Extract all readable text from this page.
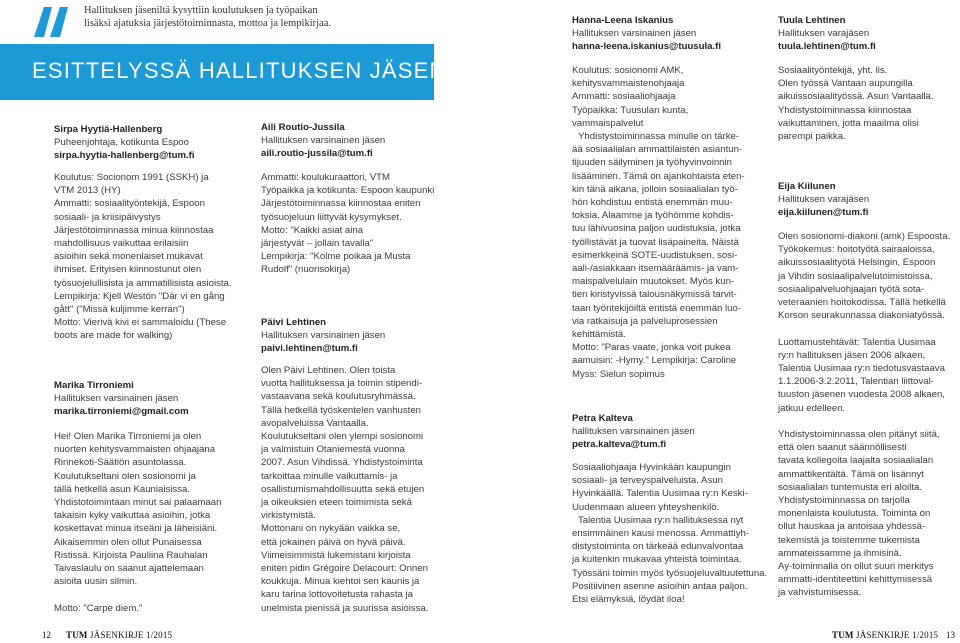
Hallituksen jäseniltä kysyttiin koulutuksen ja työpaikan
lisäksi ajatuksia järjestötoiminnasta, mottoa ja lempikirjaa.
ESITTELYSSÄ HALLITUKSEN JÄSENIÄ
Sirpa Hyytiä-Hallenberg
Puheenjohtaja, kotikunta Espoo
sirpa.hyytia-hallenberg@tum.fi
Koulutus: Socionom 1991 (SSKH) ja
VTM 2013 (HY)
Ammatti: sosiaalityöntekijä, Espoon
sosiaali- ja kriisipäivystys
Järjestötoiminnassa minua kiinnostaa
mahdollisuus vaikuttaa erilaisiin
asioihin sekä monenlaiset mukavat
ihmiset. Erityisen kiinnostunut olen
työsuojelullisista ja ammatillisista asioista.
Lempikirja: Kjell Westön "Där vi en gång
gått" ("Missä kuljimme kerran")
Motto: Vierivä kivi ei sammaloidu (These
boots are made for walking)
Marika Tirroniemi
Hallituksen varsinainen jäsen
marika.tirroniemi@gmail.com
Hei! Olen Marika Tirroniemi ja olen
nuorten kehitysvammaisten ohjaajana
Rinnekoti-Säätiön asuntolassa.
Koulutukseltani olen sosionomi ja
tällä hetkellä asun Kauniaisissa.
Yhdistotoimintaan minut sai palaamaan
takaisin kyky vaikuttaa asioihin, jotka
koskettavat minua itseäni ja läheisiäni.
Aikaisemmin olen ollut Punaisessa
Ristissä. Kirjoista Pauliina Rauhalan
Taivaslaulu on saanut ajattelemaan
asioita uusin silmin.
Motto: "Carpe diem."
Aili Routio-Jussila
Hallituksen varsinainen jäsen
aili.routio-jussila@tum.fi
Ammatti: koulukuraattori, VTM
Työpaikka ja kotikunta: Espoon kaupunki
Järjestötoiminnassa kiinnostaa eniten
työsuojeluun liittyvät kysymykset.
Motto: "Kaikki asiat aina
järjestyvät – jollain tavalla"
Lempikirja: "Kolme poikaa ja Musta
Rudolf" (nuorisokirja)
Päivi Lehtinen
Hallituksen varsinainen jäsen
paivi.lehtinen@tum.fi
Olen Päivi Lehtinen. Olen toista
vuotta hallituksessa ja toimin stipendi-
vastaavana sekä koulutusryhmässä.
Tällä hetkellä työskentelen vanhusten
avopalveluissa Vantaalla.
Koulutukseltani olen ylempi sosionomi
ja valmistuin Otaniemestä vuonna
2007. Asun Vihdissä. Yhdistystoiminta
tarkoittaa minulle vaikuttamis- ja
osallistumismahdollisuutta sekä etujen
ja oikeuksien eteen toimimista sekä
virkistymistä.
Mottonani on nykyään vaikka se,
että jokainen päivä on hyvä päivä.
Viimeisimmistä lukemistani kirjoista
eniten pidin Grégoire Delacourt: Onnen
koukkuja. Minua kiehtoi sen kaunis ja
karu tarina lottovoitetusta rahasta ja
unelmista pienissä ja suurissa asioissa.
Hanna-Leena Iskanius
Hallituksen varsinainen jäsen
hanna-leena.iskanius@tuusula.fi
Koulutus: sosionomi AMK,
kehitysvammaistenohjaaja
Ammatti: sosiaaliohjaaja
Työpaikka: Tuusulan kunta,
vammaispalvelut
Yhdistystoiminnassa minulle on tärke-
ää sosiaalialan ammattilaisten asiantun-
tijuuden säilyminen ja työhyvinvoinnin
lisääminen. Tämä on ajankohtaista eten-
kin tänä aikana, jolloin sosiaalialan työ-
hön kohdistuu entistä enemmän muu-
toksia. Alaamme ja työhömme kohdis-
tuu lähivuosina paljon uudistuksia, jotka
työllistävät ja tuovat lisäpaineita. Näistä
esimerkkeinä SOTE-uudistuksen, sosi-
aali-/asiakkaan itsemääräämis- ja vam-
maispalvelulain muutokset. Myös kun-
tien kiristyvissä talousnäkymissä tarvit-
taan työntekijöiltä entistä enemmän luo-
via ratkaisuja ja palveluprosessien
kehittämistä.
Motto: "Paras vaate, jonka voit pukea
aamuisin: -Hymy." Lempikirja: Caroline
Myss: Sielun sopimus
Petra Kalteva
hallituksen varsinainen jäsen
petra.kalteva@tum.fi
Sosiaaliohjaaja Hyvinkään kaupungin
sosiaali- ja terveyspalveluista. Asun
Hyvinkäällä. Talentia Uusimaa ry:n Keski-
Uudenmaan alueen yhteyshenkilö.
Talentia Uusimaa ry:n hallituksessa nyt
ensimmäinen kausi menossa. Ammattiyh-
distystoiminta on tärkeää edunvalvontaa
ja kuitenkin mukavaa yhteistä toimintaa.
Työssäni toimin myös työsuojeluvaltuutettuna.
Positiivinen asenne asioihin antaa paljon.
Etsi elämyksiä, löydät iloa!
Tuula Lehtinen
Hallituksen varajäsen
tuula.lehtinen@tum.fi
Sosiaalityöntekijä, yht. lis.
Olen työssä Vantaan aupungilla
aikuissosiaalityössä. Asun Vantaalla.
Yhdistystoiminnassa kiinnostaa
vaikuttaminen, jotta maailma olisi
parempi paikka.
Eija Kiilunen
Hallituksen varajäsen
eija.kiilunen@tum.fi
Olen sosionomi-diakoni (amk) Espoosta.
Työkokemus: hoitotyötä sairaaloissa,
aikuissosiaalityötä Helsingin, Espoon
ja Vihdin sosiaalipalvelutoimistoissa,
sosiaalipalveluohjaajan työtä sota-
veteraanien hoitokodissa. Tällä hetkellä
Korson seurakunnassa diakoniatyössä.
Luottamustehtävät: Talentia Uusimaa
ry:n hallituksen jäsen 2006 alkaen,
Talentia Uusimaa ry:n tiedotusvastaava
1.1.2006-3.2.2011, Talentian liittoval-
tuuston jäsenen vuodesta 2008 alkaen,
jatkuu edelleen.
Yhdistystoiminnassa olen pitänyt siitä,
että olen saanut säännöllisesti
tavata kollegoita laajalta sosiaalialan
ammattikentältä. Tämä on lisännyt
sosiaalialan tuntemusta eri aloilta.
Yhdistystoiminnassa on tarjolla
monenlaista koulutusta. Toiminta on
ollut hauskaa ja antoisaa yhdessä-
tekemistä ja toistemme tukemista
ammateissamme ja ihmisinä.
Ay-toiminnalla on ollut suuri merkitys
ammatti-identiteettini kehittymisessä
ja vahvistumisessa.
12 TUM JÄSENKIRJE 1/2015	TUM JÄSENKIRJE 1/2015 13
